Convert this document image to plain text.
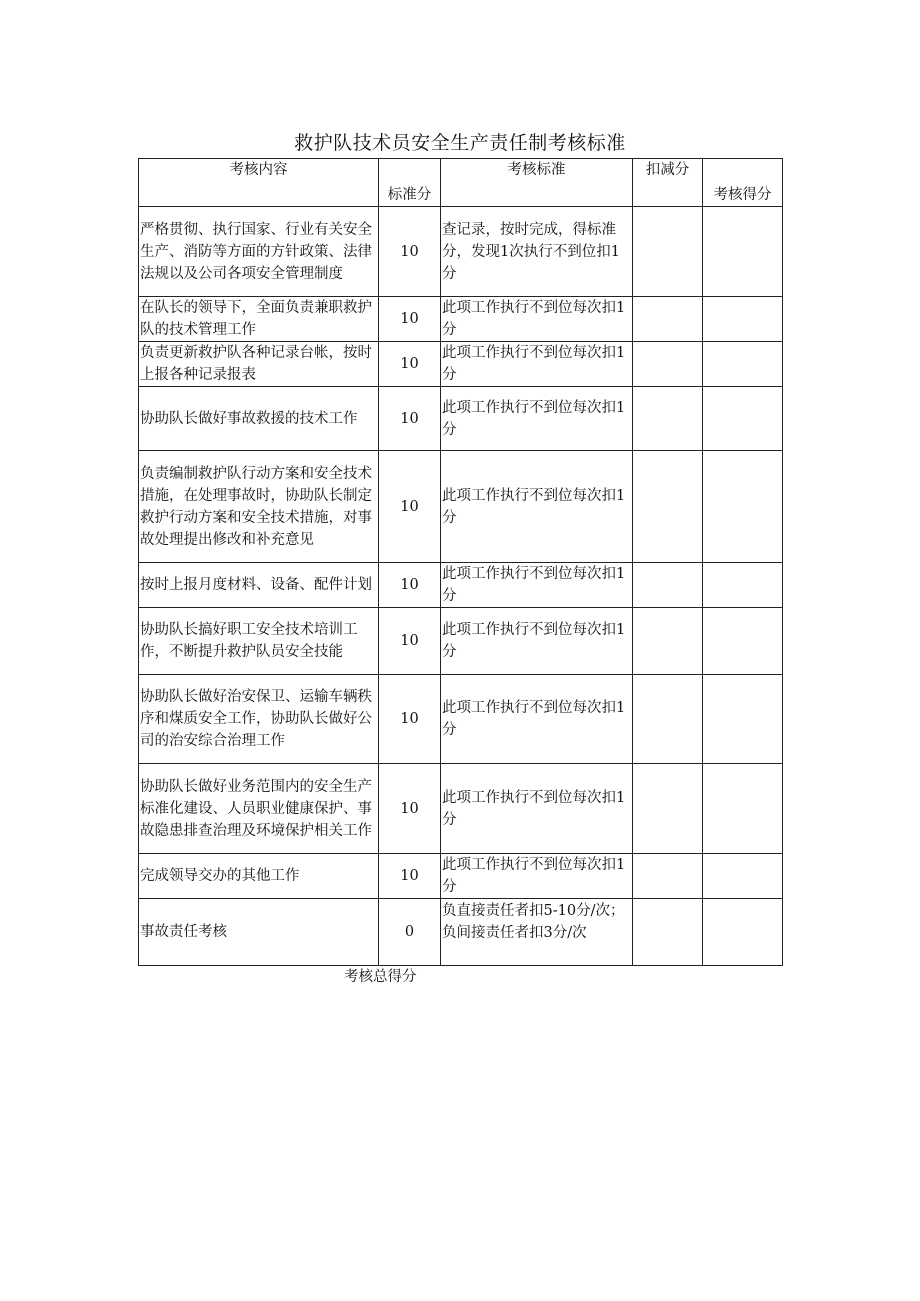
救护队技术员安全生产责任制考核标准
考核内容	标准分	考核标准	扣减分	考核得分
严格贯彻、执行国家、行业有关安全生产、消防等方面的方针政策、法律法规以及公司各项安全管理制度	10	查记录，按时完成，得标准分，发现1次执行不到位扣1分		
在队长的领导下，全面负责兼职救护队的技术管理工作	10	此项工作执行不到位每次扣1分		
负责更新救护队各种记录台帐，按时上报各种记录报表	10	此项工作执行不到位每次扣1分		
协助队长做好事故救援的技术工作	10	此项工作执行不到位每次扣1分		
负责编制救护队行动方案和安全技术措施，在处理事故时，协助队长制定救护行动方案和安全技术措施，对事故处理提出修改和补充意见	10	此项工作执行不到位每次扣1分		
按时上报月度材料、设备、配件计划	10	此项工作执行不到位每次扣1分		
协助队长搞好职工安全技术培训工作，不断提升救护队员安全技能	10	此项工作执行不到位每次扣1分		
协助队长做好治安保卫、运输车辆秩序和煤质安全工作，协助队长做好公司的治安综合治理工作	10	此项工作执行不到位每次扣1分		
协助队长做好业务范围内的安全生产标准化建设、人员职业健康保护、事故隐患排查治理及环境保护相关工作	10	此项工作执行不到位每次扣1分		
完成领导交办的其他工作	10	此项工作执行不到位每次扣1分		
事故责任考核	0	负直接责任者扣5-10分/次；负间接责任者扣3分/次		

考核总得分
